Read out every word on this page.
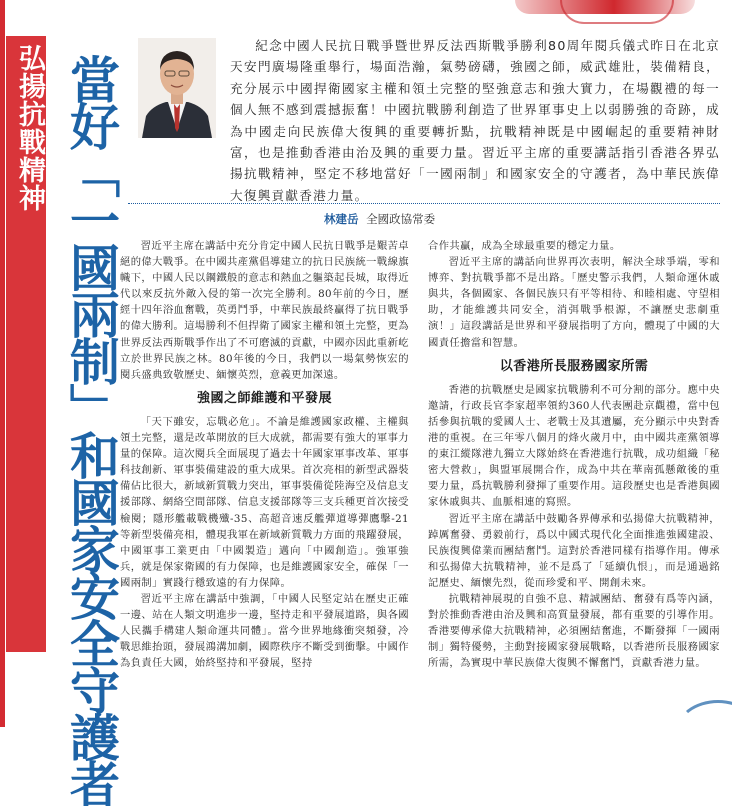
弘揚抗戰精神 當好「一國兩制」和國家安全守護者

紀念中國人民抗日戰爭暨世界反法西斯戰爭勝利80周年閱兵儀式昨日在北京天安門廣場隆重舉行，場面浩瀚，氣勢磅礴，強國之師，威武雄壯，裝備精良，充分展示中國捍衛國家主權和領土完整的堅強意志和強大實力，在場觀禮的每一個人無不感到震撼振奮！中國抗戰勝利創造了世界軍事史上以弱勝強的奇跡，成為中國走向民族偉大復興的重要轉折點，抗戰精神既是中國崛起的重要精神財富，也是推動香港由治及興的重要力量。習近平主席的重要講話指引香港各界弘揚抗戰精神，堅定不移地當好「一國兩制」和國家安全的守護者，為中華民族偉大復興貢獻香港力量。

林建岳 全國政協常委

習近平主席在講話中充分肯定中國人民抗日戰爭是艱苦卓絕的偉大戰爭。在中國共產黨倡導建立的抗日民族統一戰線旗幟下，中國人民以鋼鐵般的意志和熱血之軀築起長城，取得近代以來反抗外敵入侵的第一次完全勝利。80年前的今日，歷經十四年浴血奮戰，英勇鬥爭，中華民族最終贏得了抗日戰爭的偉大勝利。這場勝利不但捍衛了國家主權和領土完整，更為世界反法西斯戰爭作出了不可磨滅的貢獻，中國亦因此重新屹立於世界民族之林。80年後的今日，我們以一場氣勢恢宏的閱兵盛典致敬歷史、緬懷英烈，意義更加深遠。

強國之師維護和平發展

「天下雖安，忘戰必危」。不論是維護國家政權、主權與領土完整，還是改革開放的巨大成就，都需要有強大的軍事力量的保障。這次閱兵全面展現了過去十年國家軍事改革、軍事科技創新、軍事裝備建設的重大成果。首次亮相的新型武器裝備佔比很大，新域新質戰力突出，軍事裝備從陸海空及信息支援部隊、網絡空間部隊、信息支援部隊等三支兵種更首次接受檢閱；隱形艦載戰機殲-35、高超音速反艦彈道導彈鷹擊-21等新型裝備亮相，體現我軍在新域新質戰力方面的飛躍發展，中國軍事工業更由「中國製造」邁向「中國創造」。強軍強兵，就是保家衛國的有力保障，也是維護國家安全，確保「一國兩制」實踐行穩致遠的有力保障。

習近平主席在講話中強調，「中國人民堅定站在歷史正確一邊、站在人類文明進步一邊，堅持走和平發展道路，與各國人民攜手構建人類命運共同體」。當今世界地緣衝突頻發，冷戰思維抬頭，發展鴻溝加劇，國際秩序不斷受到衝擊。中國作為負責任大國，始終堅持和平發展，堅持

合作共贏，成為全球最重要的穩定力量。

習近平主席的講話向世界再次表明，解決全球爭端，零和博弈、對抗戰爭都不是出路。「歷史警示我們，人類命運休戚與共，各個國家、各個民族只有平等相待、和睦相處、守望相助，才能維護共同安全，消弭戰爭根源，不讓歷史悲劇重演！」這段講話是世界和平發展指明了方向，體現了中國的大國責任擔當和智慧。

以香港所長服務國家所需

香港的抗戰歷史是國家抗戰勝利不可分割的部分。應中央邀請，行政長官李家超率領約360人代表團赴京觀禮，當中包括參與抗戰的愛國人士、老戰士及其遺屬，充分顯示中央對香港的重視。在三年零八個月的烽火歲月中，由中國共產黨領導的東江縱隊港九獨立大隊始終在香港進行抗戰，成功組織「秘密大營救」，與盟軍展開合作，成為中共在華南孤懸敵後的重要力量，爲抗戰勝利發揮了重要作用。這段歷史也是香港與國家休戚與共、血脈相連的寫照。

習近平主席在講話中鼓勵各界傳承和弘揚偉大抗戰精神，踔厲奮發、勇毅前行，爲以中國式現代化全面推進強國建設、民族復興偉業而團結奮鬥。這對於香港同樣有指導作用。傳承和弘揚偉大抗戰精神，並不是爲了「延續仇恨」，而是通過銘記歷史、緬懷先烈，從而珍愛和平、開創未來。

抗戰精神展現的自強不息、精誠團結、奮發有爲等內涵，對於推動香港由治及興和高質量發展，都有重要的引導作用。香港要傳承偉大抗戰精神，必須團結奮進，不斷發揮「一國兩制」獨特優勢，主動對接國家發展戰略，以香港所長服務國家所需，為實現中華民族偉大復興不懈奮鬥，貢獻香港力量。
